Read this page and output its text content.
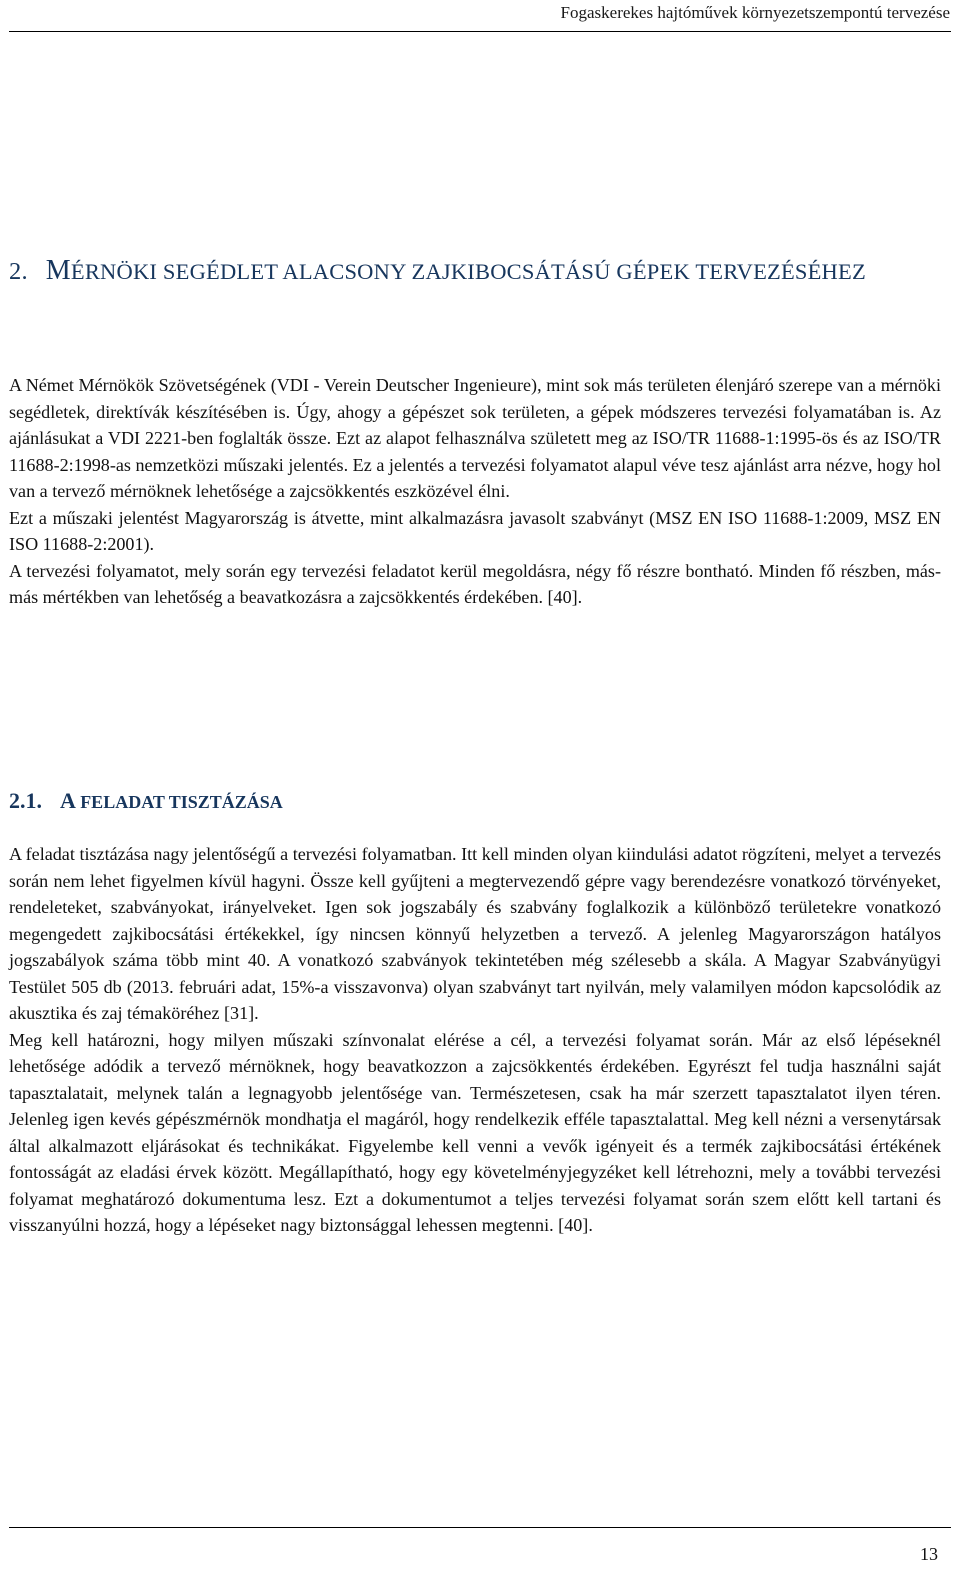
Fogaskerekes hajtóművek környezetszempontú tervezése
2. MÉRNÖKI SEGÉDLET ALACSONY ZAJKIBOCSÁTÁSÚ GÉPEK TERVEZÉSÉHEZ

A Német Mérnökök Szövetségének (VDI - Verein Deutscher Ingenieure), mint sok más területen élenjáró szerepe van a mérnöki segédletek, direktívák készítésében is. Úgy, ahogy a gépészet sok területen, a gépek módszeres tervezési folyamatában is. Az ajánlásukat a VDI 2221-ben foglalták össze. Ezt az alapot felhasználva született meg az ISO/TR 11688-1:1995-ös és az ISO/TR 11688-2:1998-as nemzetközi műszaki jelentés. Ez a jelentés a tervezési folyamatot alapul véve tesz ajánlást arra nézve, hogy hol van a tervező mérnöknek lehetősége a zajcsökkentés eszközével élni.

Ezt a műszaki jelentést Magyarország is átvette, mint alkalmazásra javasolt szabványt (MSZ EN ISO 11688-1:2009, MSZ EN ISO 11688-2:2001).

A tervezési folyamatot, mely során egy tervezési feladatot kerül megoldásra, négy fő részre bontható. Minden fő részben, más-más mértékben van lehetőség a beavatkozásra a zajcsökkentés érdekében. [40].

2.1. A FELADAT TISZTÁZÁSA

A feladat tisztázása nagy jelentőségű a tervezési folyamatban. Itt kell minden olyan kiindulási adatot rögzíteni, melyet a tervezés során nem lehet figyelmen kívül hagyni. Össze kell gyűjteni a megtervezendő gépre vagy berendezésre vonatkozó törvényeket, rendeleteket, szabványokat, irányelveket. Igen sok jogszabály és szabvány foglalkozik a különböző területekre vonatkozó megengedett zajkibocsátási értékekkel, így nincsen könnyű helyzetben a tervező. A jelenleg Magyarországon hatályos jogszabályok száma több mint 40. A vonatkozó szabványok tekintetében még szélesebb a skála. A Magyar Szabványügyi Testület 505 db (2013. februári adat, 15%-a visszavonva) olyan szabványt tart nyilván, mely valamilyen módon kapcsolódik az akusztika és zaj témaköréhez [31].

Meg kell határozni, hogy milyen műszaki színvonalat elérése a cél, a tervezési folyamat során. Már az első lépéseknél lehetősége adódik a tervező mérnöknek, hogy beavatkozzon a zajcsökkentés érdekében. Egyrészt fel tudja használni saját tapasztalatait, melynek talán a legnagyobb jelentősége van. Természetesen, csak ha már szerzett tapasztalatot ilyen téren. Jelenleg igen kevés gépészmérnök mondhatja el magáról, hogy rendelkezik efféle tapasztalattal. Meg kell nézni a versenytársak által alkalmazott eljárásokat és technikákat. Figyelembe kell venni a vevők igényeit és a termék zajkibocsátási értékének fontosságát az eladási érvek között. Megállapítható, hogy egy követelményjegyzéket kell létrehozni, mely a további tervezési folyamat meghatározó dokumentuma lesz. Ezt a dokumentumot a teljes tervezési folyamat során szem előtt kell tartani és visszanyúlni hozzá, hogy a lépéseket nagy biztonsággal lehessen megtenni. [40].

13
